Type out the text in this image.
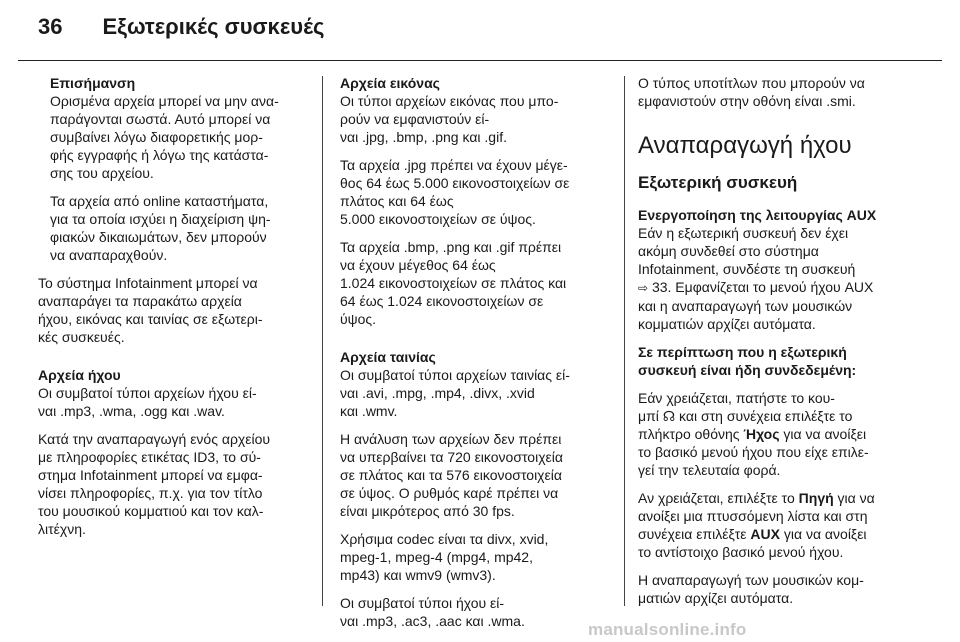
36 Εξωτερικές συσκευές

Επισήμανση

Ορισμένα αρχεία μπορεί να μην ανα-

παράγονται σωστά. Αυτό μπορεί να

συμβαίνει λόγω διαφορετικής μορ-

φής εγγραφής ή λόγω της κατάστα-

σης του αρχείου.

Τα αρχεία από online καταστήματα,

για τα οποία ισχύει η διαχείριση ψη-

φιακών δικαιωμάτων, δεν μπορούν

να αναπαραχθούν.

Το σύστημα Infotainment μπορεί να

αναπαράγει τα παρακάτω αρχεία

ήχου, εικόνας και ταινίας σε εξωτερι-

κές συσκευές.

Αρχεία ήχου

Οι συμβατοί τύποι αρχείων ήχου εί-

ναι .mp3, .wma, .ogg και .wav.

Κατά την αναπαραγωγή ενός αρχείου

με πληροφορίες ετικέτας ID3, το σύ-

στημα Infotainment μπορεί να εμφα-

νίσει πληροφορίες, π.χ. για τον τίτλο

του μουσικού κομματιού και τον καλ-

λιτέχνη.

Αρχεία εικόνας

Οι τύποι αρχείων εικόνας που μπο-

ρούν να εμφανιστούν εί-

ναι .jpg, .bmp, .png και .gif.

Τα αρχεία .jpg πρέπει να έχουν μέγε-

θος 64 έως 5.000 εικονοστοιχείων σε

πλάτος και 64 έως

5.000 εικονοστοιχείων σε ύψος.

Τα αρχεία .bmp, .png και .gif πρέπει

να έχουν μέγεθος 64 έως

1.024 εικονοστοιχείων σε πλάτος και

64 έως 1.024 εικονοστοιχείων σε

ύψος.

Αρχεία ταινίας

Οι συμβατοί τύποι αρχείων ταινίας εί-

ναι .avi, .mpg, .mp4, .divx, .xvid

και .wmv.

Η ανάλυση των αρχείων δεν πρέπει

να υπερβαίνει τα 720 εικονοστοιχεία

σε πλάτος και τα 576 εικονοστοιχεία

σε ύψος. Ο ρυθμός καρέ πρέπει να

είναι μικρότερος από 30 fps.

Χρήσιμα codec είναι τα divx, xvid,

mpeg-1, mpeg-4 (mpg4, mp42,

mp43) και wmv9 (wmv3).

Οι συμβατοί τύποι ήχου εί-

ναι .mp3, .ac3, .aac και .wma.

Ο τύπος υποτίτλων που μπορούν να

εμφανιστούν στην οθόνη είναι .smi.

Αναπαραγωγή ήχου

Εξωτερική συσκευή

Ενεργοποίηση της λειτουργίας AUX

Εάν η εξωτερική συσκευή δεν έχει

ακόμη συνδεθεί στο σύστημα

Infotainment, συνδέστε τη συσκευή

⇨ 33. Εμφανίζεται το μενού ήχου AUX

και η αναπαραγωγή των μουσικών

κομματιών αρχίζει αυτόματα.

Σε περίπτωση που η εξωτερική

συσκευή είναι ήδη συνδεδεμένη:

Εάν χρειάζεται, πατήστε το κου-

μπί ☊ και στη συνέχεια επιλέξτε το

πλήκτρο οθόνης Ήχος για να ανοίξει

το βασικό μενού ήχου που είχε επιλε-

γεί την τελευταία φορά.

Αν χρειάζεται, επιλέξτε το Πηγή για να

ανοίξει μια πτυσσόμενη λίστα και στη

συνέχεια επιλέξτε AUX για να ανοίξει

το αντίστοιχο βασικό μενού ήχου.

Η αναπαραγωγή των μουσικών κομ-

ματιών αρχίζει αυτόματα.

manualsonline.info
